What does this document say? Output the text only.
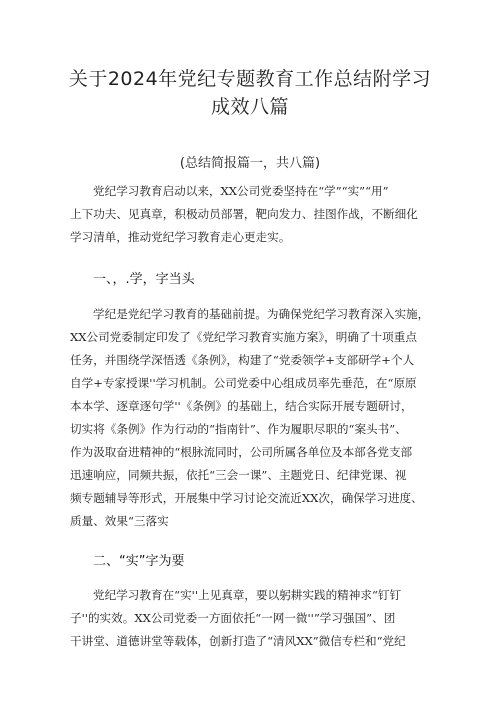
关于2024年党纪专题教育工作总结附学习
成效八篇
(总结简报篇一，共八篇)
党纪学习教育启动以来，XX公司党委坚持在“学”“实”“用”
上下功夫、见真章，积极动员部署，靶向发力、挂图作战，不断细化
学习清单，推动党纪学习教育走心更走实。
一、，.学，字当头
学纪是党纪学习教育的基础前提。为确保党纪学习教育深入实施，
XX公司党委制定印发了《党纪学习教育实施方案》，明确了十项重点
任务，并围绕学深悟透《条例》，构建了“党委领学+支部研学+个人
自学+专家授课''学习机制。公司党委中心组成员率先垂范，在“原原
本本学、逐章逐句学''《条例》的基础上，结合实际开展专题研讨，
切实将《条例》作为行动的“指南针”、作为履职尽职的“案头书”、
作为汲取奋进精神的“根脉流同时，公司所属各单位及本部各党支部
迅速响应，同频共振，依托“三会一课”、主题党日、纪律党课、视
频专题辅导等形式，开展集中学习讨论交流近XX次，确保学习进度、
质量、效果“三落实
二、“实”字为要
党纪学习教育在“实''上见真章，要以躬耕实践的精神求“钉钉
子''的实效。XX公司党委一方面依托“一网一微''”学习强国”、团
干讲堂、道德讲堂等载体，创新打造了“清风XX”微信专栏和“党纪
